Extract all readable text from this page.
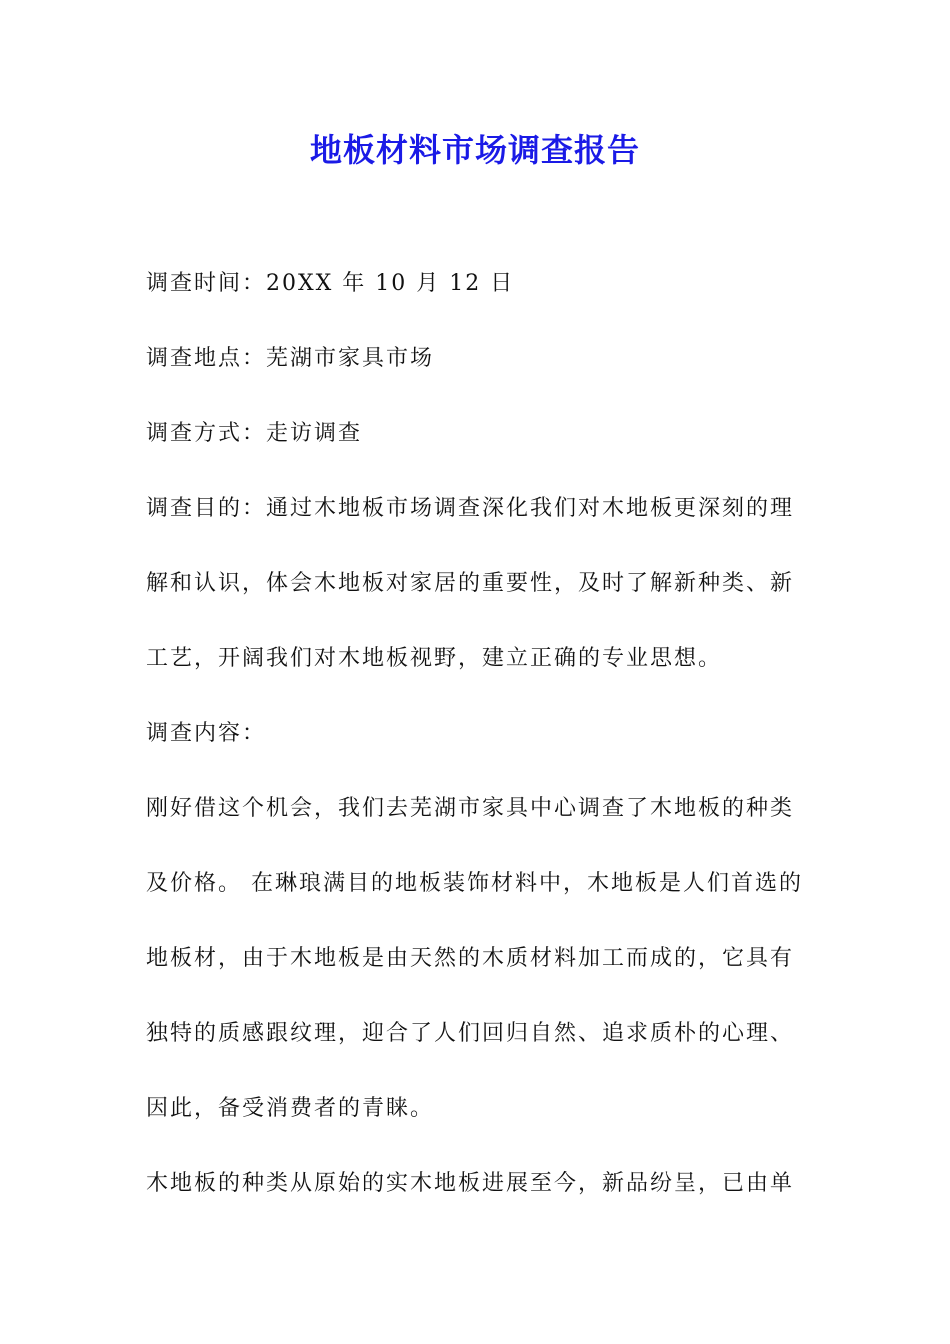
地板材料市场调查报告
调查时间：20XX 年 10 月 12 日
调查地点：芜湖市家具市场
调查方式：走访调查
调查目的：通过木地板市场调查深化我们对木地板更深刻的理
解和认识，体会木地板对家居的重要性，及时了解新种类、新
工艺，开阔我们对木地板视野，建立正确的专业思想。
调查内容：
刚好借这个机会，我们去芜湖市家具中心调查了木地板的种类
及价格。 在琳琅满目的地板装饰材料中，木地板是人们首选的
地板材，由于木地板是由天然的木质材料加工而成的，它具有
独特的质感跟纹理，迎合了人们回归自然、追求质朴的心理、
因此，备受消费者的青睐。
木地板的种类从原始的实木地板进展至今，新品纷呈，已由单
